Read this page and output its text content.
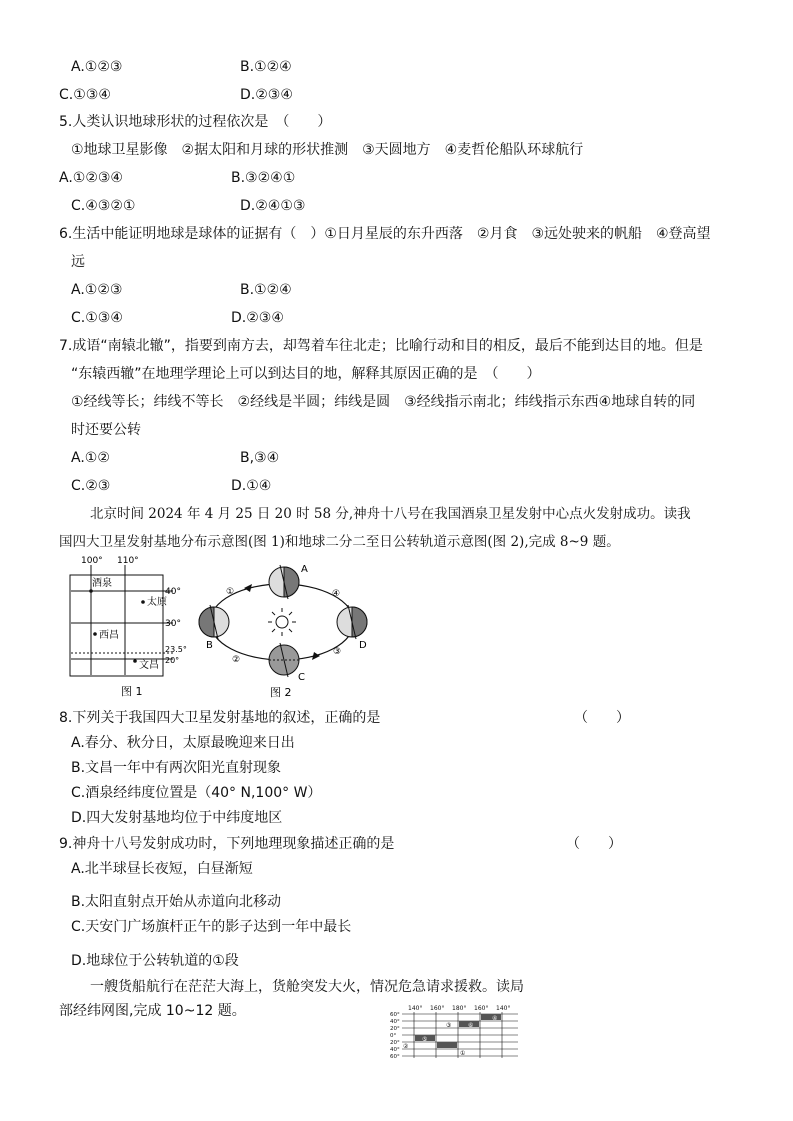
A.①②③	B.①②④
C.①③④	D.②③④
5.人类认识地球形状的过程依次是　（　　）
①地球卫星影像　②据太阳和月球的形状推测　③天圆地方　④麦哲伦船队环球航行
A.①②③④	B.③②④①
C.④③②①	D.②④①③
6.生活中能证明地球是球体的证据有（　）①日月星辰的东升西落　②月食　③远处驶来的帆船　④登高望
远
A.①②③	B.①②④
C.①③④	D.②③④
7.成语“南辕北辙”，指要到南方去，却驾着车往北走；比喻行动和目的相反，最后不能到达目的地。但是
“东辕西辙”在地理学理论上可以到达目的地，解释其原因正确的是　（　　）
①经线等长；纬线不等长　②经线是半圆；纬线是圆　③经线指示南北；纬线指示东西④地球自转的同
时还要公转
A.①②	B,③④
C.②③	D.①④
北京时间 2024 年 4 月 25 日 20 时 58 分,神舟十八号在我国酒泉卫星发射中心点火发射成功。读我
国四大卫星发射基地分布示意图(图 1)和地球二分二至日公转轨道示意图(图 2),完成 8~9 题。
100° 110°
40°
30°
23.5°
20°
酒泉
太原
西昌
文昌
图 1
A
B
C
D
①
②
③
④
图 2
8.下列关于我国四大卫星发射基地的叙述，正确的是	（　　）
A.春分、秋分日，太原最晚迎来日出
B.文昌一年中有两次阳光直射现象
C.酒泉经纬度位置是（40° N,100° W）
D.四大发射基地均位于中纬度地区
9.神舟十八号发射成功时，下列地理现象描述正确的是	（　　）
A.北半球昼长夜短，白昼渐短
B.太阳直射点开始从赤道向北移动
C.天安门广场旗杆正午的影子达到一年中最长
D.地球位于公转轨道的①段
一艘货船航行在茫茫大海上，货舱突发大火，情况危急请求援救。读局
部经纬网图,完成 10~12 题。	140° 160° 180° 160° 140°
60°
40°
20°
0°
20°
40°
60°
④
③	⑥
⑤
②
①
